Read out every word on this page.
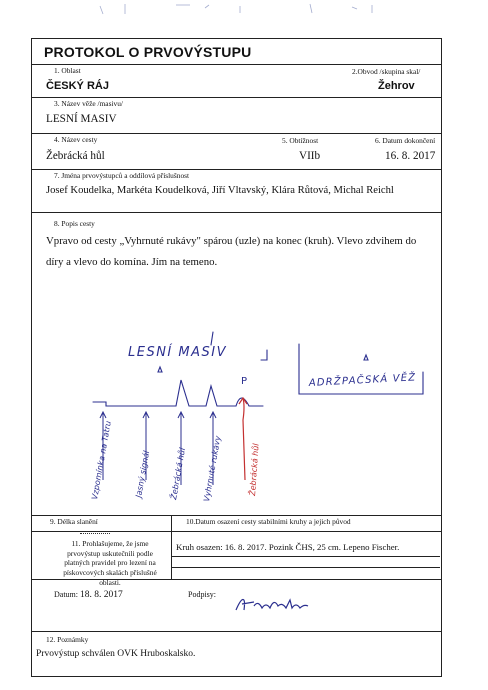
PROTOKOL O PRVOVÝSTUPU
1. Oblast	2.Obvod /skupina skal/
ČESKÝ RÁJ	Žehrov
3. Název věže /masivu/
LESNÍ MASIV
4. Název cesty	5. Obtížnost	6. Datum dokončení
Žebrácká hůl	VIIb	16. 8. 2017
7. Jména prvovýstupců a oddílová příslušnost
Josef Koudelka, Markéta Koudelková, Jiří Vltavský, Klára Růtová, Michal Reichl
8. Popis cesty
Vpravo od cesty „Vyhrnuté rukávy" spárou (uzle) na konec (kruh). Vlevo zdvihem do
díry a vlevo do komína. Jím na temeno.
LESNÍ MASIV
ADRŽPAČSKÁ VĚŽ
P
Vzpomínka na Tatru	Jasný signál Žebrácká hůl Vyhrnuté rukávy	Žebrácká hůl
9. Délka slanění	10.Datum osazení cesty stabilními kruhy a jejich původ
11. Prohlašujeme, že jsme prvovýstup uskutečnili podle platných pravidel pro lezení na pískovcových skalách příslušné oblasti.
Kruh osazen: 16. 8. 2017. Pozink ČHS, 25 cm. Lepeno Fischer.
Datum: 18. 8. 2017	Podpisy:
12. Poznámky
Prvovýstup schválen OVK Hruboskalsko.
